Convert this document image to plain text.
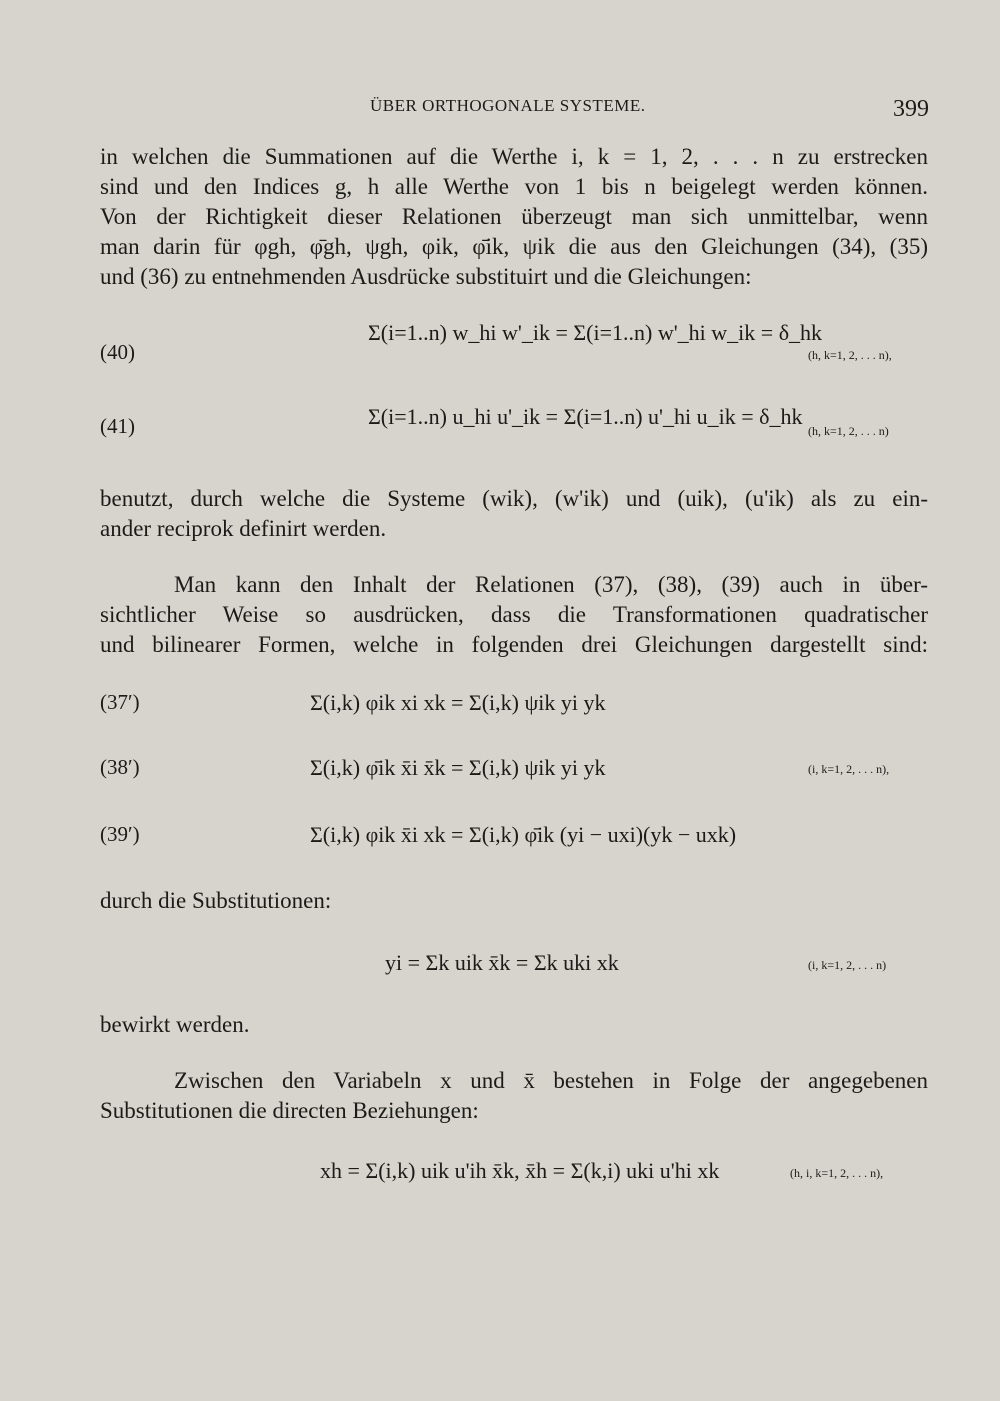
ÜBER ORTHOGONALE SYSTEME.	399

in welchen die Summationen auf die Werthe i, k = 1, 2, . . . n zu erstrecken
sind und den Indices g, h alle Werthe von 1 bis n beigelegt werden können.
Von der Richtigkeit dieser Relationen überzeugt man sich unmittelbar, wenn
man darin für φgh, φ̄gh, ψgh, φik, φ̄ik, ψik die aus den Gleichungen (34), (35)
und (36) zu entnehmenden Ausdrücke substituirt und die Gleichungen:

(40)
Σ(i=1..n) w_hi w'_ik = Σ(i=1..n) w'_hi w_ik = δ_hk
(h, k=1, 2, . . . n),
(41)	Σ(i=1..n) u_hi u'_ik = Σ(i=1..n) u'_hi u_ik = δ_hk
(h, k=1, 2, . . . n)

benutzt, durch welche die Systeme (wik), (w'ik) und (uik), (u'ik) als zu ein-
ander reciprok definirt werden.

Man kann den Inhalt der Relationen (37), (38), (39) auch in über-
sichtlicher Weise so ausdrücken, dass die Transformationen quadratischer
und bilinearer Formen, welche in folgenden drei Gleichungen dargestellt sind:

(37′)	Σ(i,k) φik xi xk = Σ(i,k) ψik yi yk
(38′)	Σ(i,k) φ̄ik x̄i x̄k = Σ(i,k) ψik yi yk	(i, k=1, 2, . . . n),
(39′)	Σ(i,k) φik x̄i xk = Σ(i,k) φ̄ik (yi − uxi)(yk − uxk)

durch die Substitutionen:

yi = Σk uik x̄k = Σk uki xk	(i, k=1, 2, . . . n)

bewirkt werden.

Zwischen den Variabeln x und x̄ bestehen in Folge der angegebenen
Substitutionen die directen Beziehungen:

xh = Σ(i,k) uik u'ih x̄k, x̄h = Σ(k,i) uki u'hi xk	(h, i, k=1, 2, . . . n),
